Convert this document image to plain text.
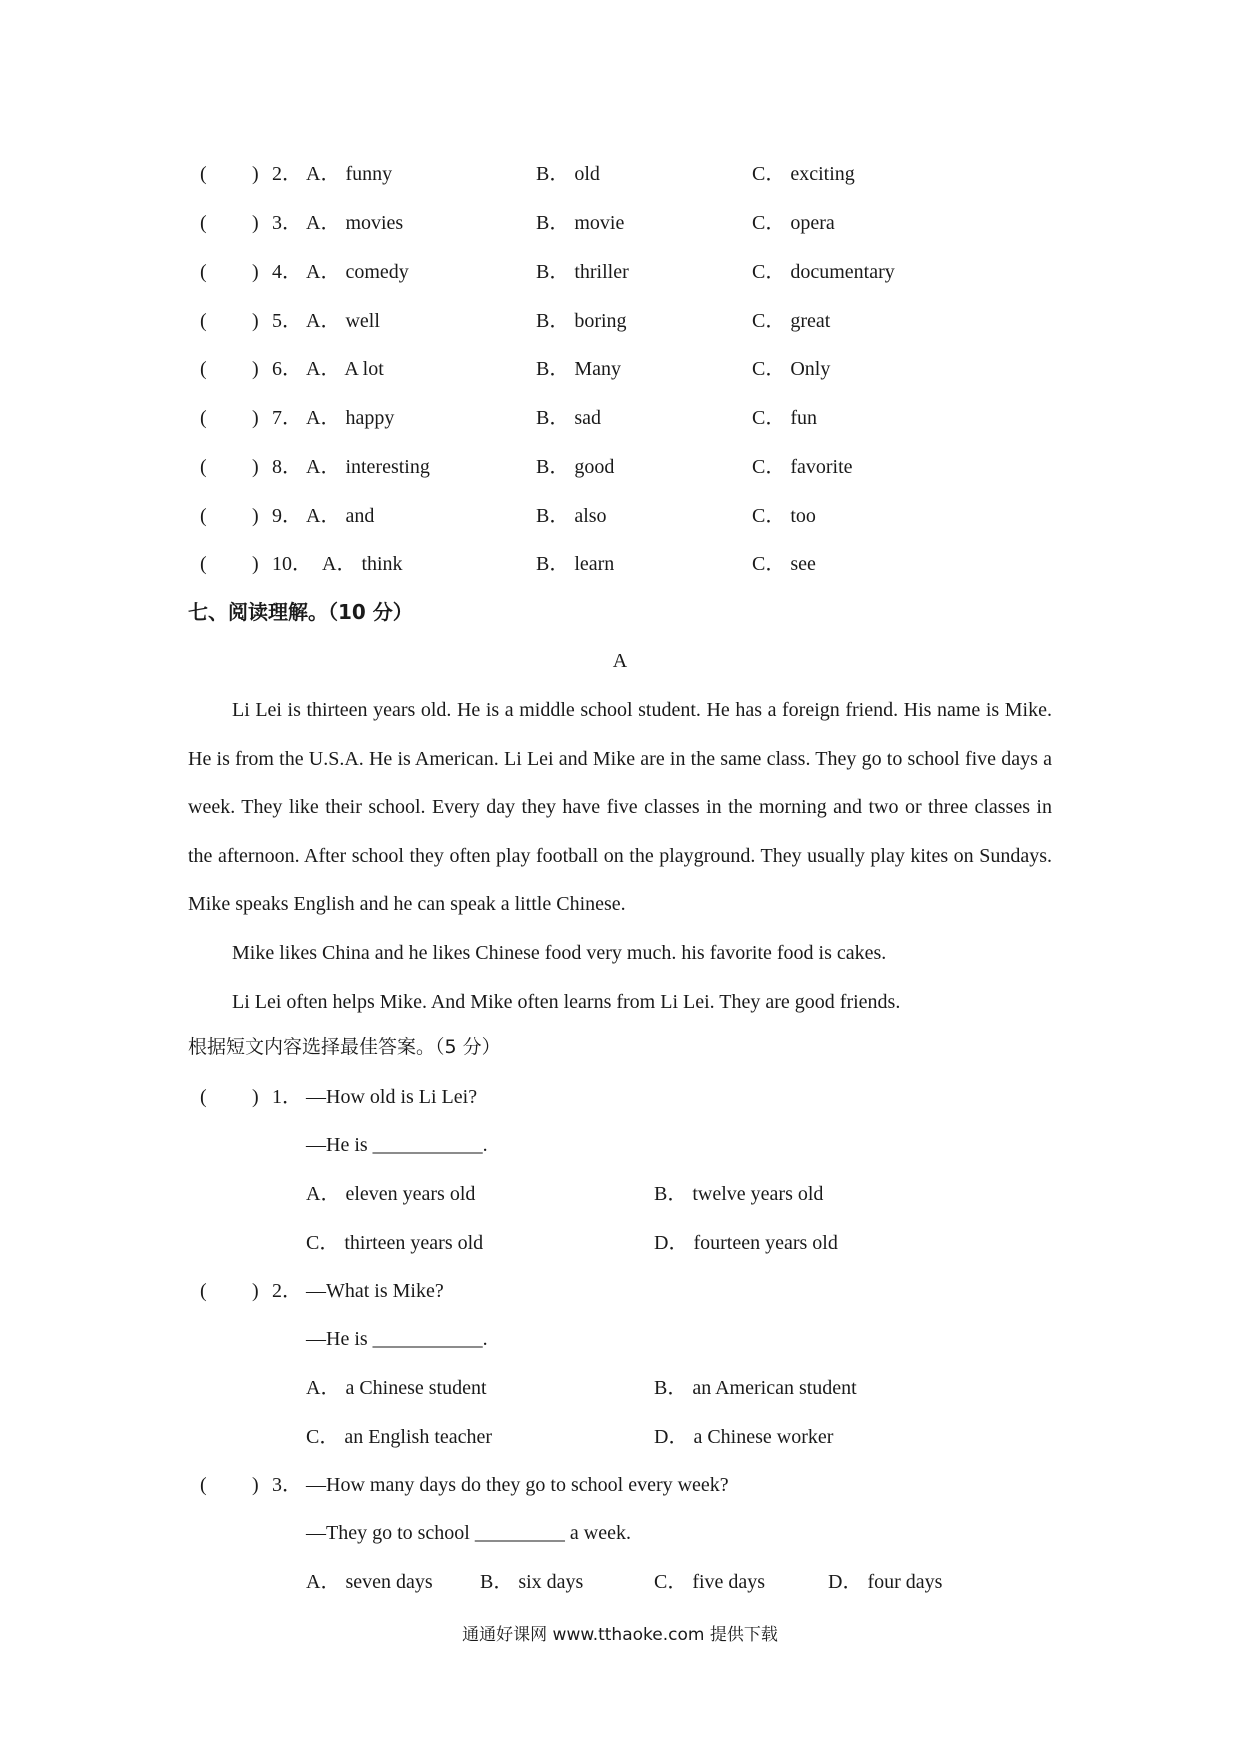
( ) 2． A． funny	B． old	C． exciting
( ) 3． A． movies	B． movie	C． opera
( ) 4． A． comedy	B． thriller	C． documentary
( ) 5． A． well	B． boring	C． great
( ) 6． A． A lot	B． Many	C． Only
( ) 7． A． happy	B． sad	C． fun
( ) 8． A． interesting	B． good	C． favorite
( ) 9． A． and	B． also	C． too
( ) 10． A． think	B． learn	C． see
七、阅读理解。（10 分）
A
Li Lei is thirteen years old. He is a middle school student. He has a foreign friend. His name is Mike. He is from the U.S.A. He is American. Li Lei and Mike are in the same class. They go to school five days a week. They like their school. Every day they have five classes in the morning and two or three classes in the afternoon. After school they often play football on the playground. They usually play kites on Sundays. Mike speaks English and he can speak a little Chinese.
Mike likes China and he likes Chinese food very much. his favorite food is cakes.
Li Lei often helps Mike. And Mike often learns from Li Lei. They are good friends.
根据短文内容选择最佳答案。（5 分）
( ) 1． —How old is Li Lei?
—He is ___________.
A． eleven years old	B． twelve years old
C． thirteen years old	D． fourteen years old
( ) 2． —What is Mike?
—He is ___________.
A． a Chinese student	B． an American student
C． an English teacher	D． a Chinese worker
( ) 3． —How many days do they go to school every week?
—They go to school _________ a week.
A． seven days B． six days	C． five days	D． four days
通通好课网 www.tthaoke.com 提供下载
